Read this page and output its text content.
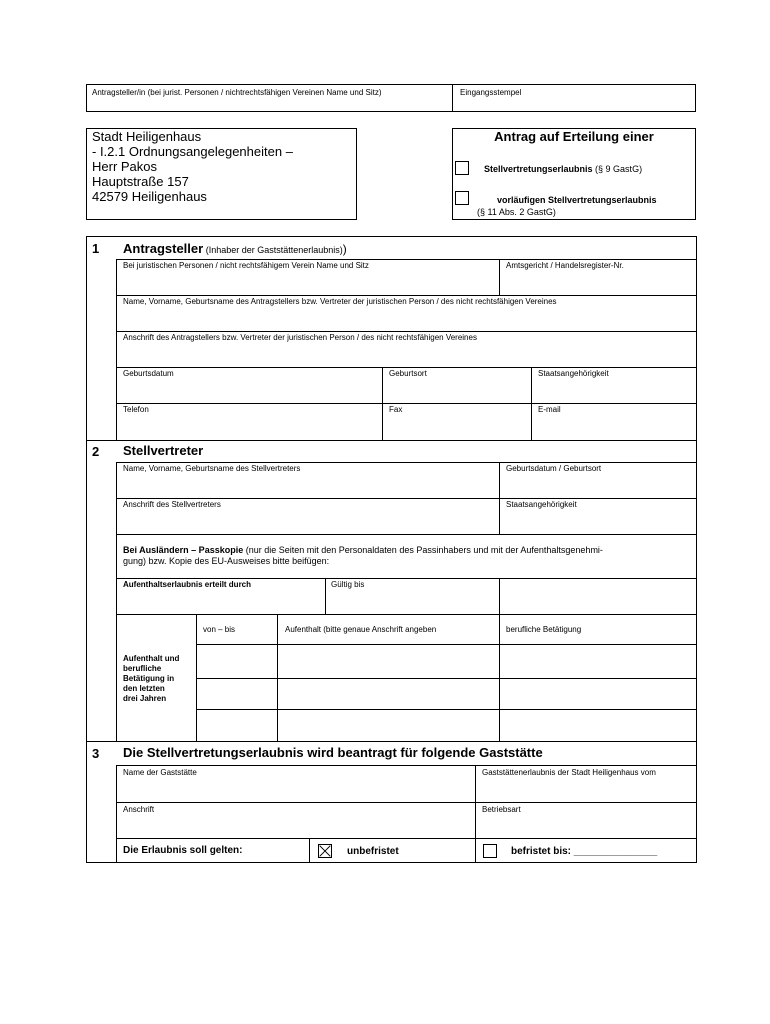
Antragsteller/in (bei jurist. Personen / nichtrechtsfähigen Vereinen Name und Sitz)	Eingangsstempel
Stadt Heiligenhaus
- I.2.1 Ordnungsangelegenheiten –
Herr Pakos
Hauptstraße 157
42579 Heiligenhaus
Antrag auf Erteilung einer
Stellvertretungserlaubnis (§ 9 GastG)
vorläufigen Stellvertretungserlaubnis
(§ 11 Abs. 2 GastG)
1 Antragsteller (Inhaber der Gaststättenerlaubnis))
Bei juristischen Personen / nicht rechtsfähigem Verein Name und Sitz	Amtsgericht / Handelsregister-Nr.
Name, Vorname, Geburtsname des Antragstellers bzw. Vertreter der juristischen Person / des nicht rechtsfähigen Vereines
Anschrift des Antragstellers bzw. Vertreter der juristischen Person / des nicht rechtsfähigen Vereines
Geburtsdatum	Geburtsort	Staatsangehörigkeit
Telefon	Fax	E-mail
2 Stellvertreter
Name, Vorname, Geburtsname des Stellvertreters	Geburtsdatum / Geburtsort
Anschrift des Stellvertreters	Staatsangehörigkeit
Bei Ausländern – Passkopie (nur die Seiten mit den Personaldaten des Passinhabers und mit der Aufenthaltsgenehmi-
gung) bzw. Kopie des EU-Ausweises bitte beifügen:
Aufenthaltserlaubnis erteilt durch	Gültig bis
von – bis	Aufenthalt (bitte genaue Anschrift angeben	berufliche Betätigung
Aufenthalt und
berufliche
Betätigung in
den letzten
drei Jahren
3 Die Stellvertretungserlaubnis wird beantragt für folgende Gaststätte
Name der Gaststätte	Gaststättenerlaubnis der Stadt Heiligenhaus vom
Anschrift	Betriebsart
Die Erlaubnis soll gelten:	unbefristet	befristet bis: _______________
